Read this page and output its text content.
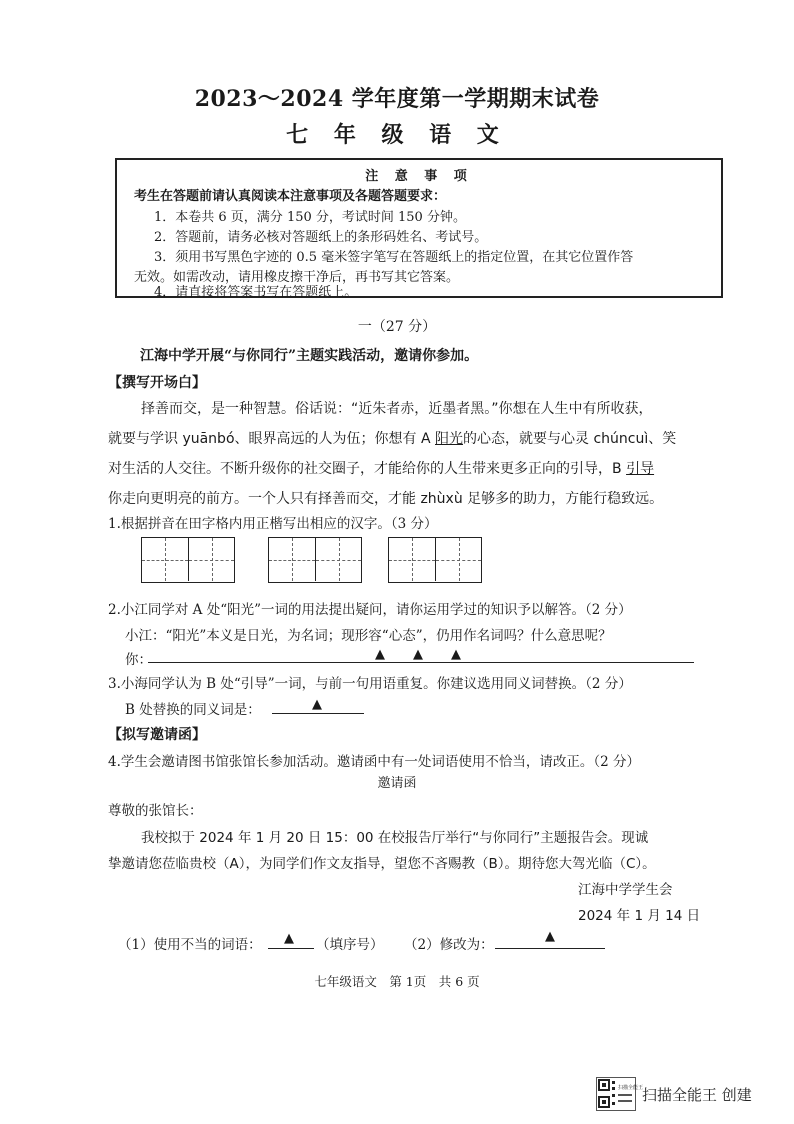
2023～2024 学年度第一学期期末试卷
七 年 级 语 文
注 意 事 项
考生在答题前请认真阅读本注意事项及各题答题要求：
1．本卷共 6 页，满分 150 分，考试时间 150 分钟。
2．答题前，请务必核对答题纸上的条形码姓名、考试号。
3．须用书写黑色字迹的 0.5 毫米签字笔写在答题纸上的指定位置，在其它位置作答
无效。如需改动，请用橡皮擦干净后，再书写其它答案。
4．请直接将答案书写在答题纸上。
一（27 分）
江海中学开展“与你同行”主题实践活动，邀请你参加。
【撰写开场白】
择善而交，是一种智慧。俗话说：“近朱者赤，近墨者黑。”你想在人生中有所收获，
就要与学识 yuānbó、眼界高远的人为伍；你想有 A 阳光的心态，就要与心灵 chúncuì、笑
对生活的人交往。不断升级你的社交圈子，才能给你的人生带来更多正向的引导，B 引导
你走向更明亮的前方。一个人只有择善而交，才能 zhùxù 足够多的助力，方能行稳致远。
1.根据拼音在田字格内用正楷写出相应的汉字。（3 分）
2.小江同学对 A 处“阳光”一词的用法提出疑问，请你运用学过的知识予以解答。（2 分）
小江：“阳光”本义是日光，为名词；现形容“心态”，仍用作名词吗？什么意思呢？
你：	▲ ▲ ▲
3.小海同学认为 B 处“引导”一词，与前一句用语重复。你建议选用同义词替换。（2 分）
B 处替换的同义词是：	▲
【拟写邀请函】
4.学生会邀请图书馆张馆长参加活动。邀请函中有一处词语使用不恰当，请改正。（2 分）
邀请函
尊敬的张馆长：
我校拟于 2024 年 1 月 20 日 15：00 在校报告厅举行“与你同行”主题报告会。现诚
挚邀请您莅临贵校（A），为同学们作文友指导，望您不吝赐教（B）。期待您大驾光临（C）。
江海中学学生会
2024 年 1 月 14 日
（1）使用不当的词语： ▲ （填序号） （2）修改为：
▲
七年级语文　第 1页　共 6 页
扫描全能王
扫描全能王 创建
